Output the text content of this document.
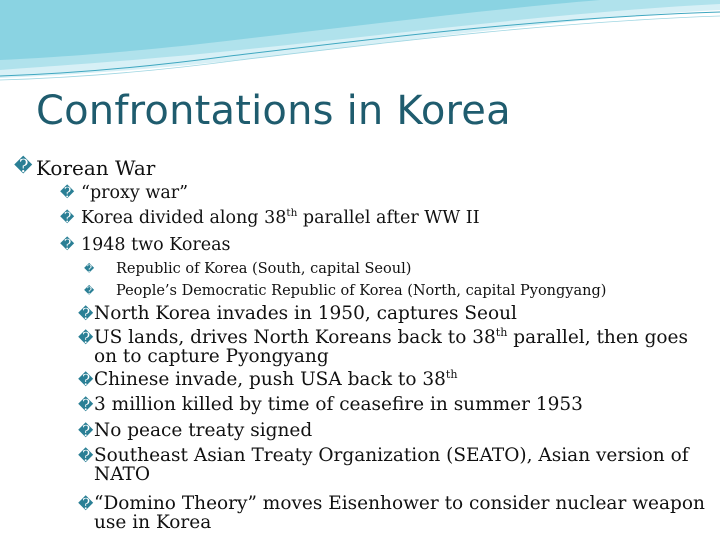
Confrontations in Korea
� Korean War
� “proxy war”
� Korea divided along 38th parallel after WW II
� 1948 two Koreas
� Republic of Korea (South, capital Seoul)
� People’s Democratic Republic of Korea (North, capital Pyongyang)
� North Korea invades in 1950, captures Seoul
� US lands, drives North Koreans back to 38th parallel, then goes
on to capture Pyongyang
� Chinese invade, push USA back to 38th
� 3 million killed by time of ceasefire in summer 1953
� No peace treaty signed
� Southeast Asian Treaty Organization (SEATO), Asian version of
NATO
� “Domino Theory” moves Eisenhower to consider nuclear weapon
use in Korea
